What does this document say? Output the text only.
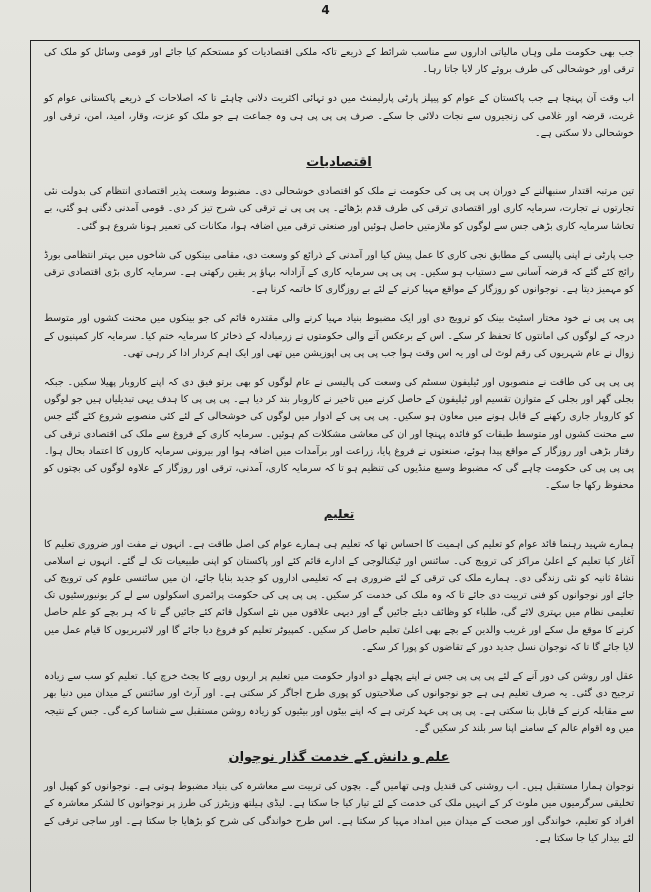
4

جب بھی حکومت ملی وہاں مالیاتی اداروں سے مناسب شرائط کے ذریعے تاکہ ملکی اقتصادیات کو مستحکم کیا جائے اور قومی وسائل کو ملک کی ترقی اور خوشحالی کی طرف بروئے کار لایا جاتا رہا۔

اب وقت آن پہنچا ہے جب پاکستان کے عوام کو پیپلز پارٹی پارلیمنٹ میں دو تہائی اکثریت دلانی چاہئے تا کہ اصلاحات کے ذریعے پاکستانی عوام کو غربت، قرضہ اور غلامی کی زنجیروں سے نجات دلائی جا سکے۔ صرف پی پی پی ہی وہ جماعت ہے جو ملک کو عزت، وقار، امید، امن، ترقی اور خوشحالی دلا سکتی ہے۔

اقتصادیات

تین مرتبہ اقتدار سنبھالنے کے دوران پی پی پی کی حکومت نے ملک کو اقتصادی خوشحالی دی۔ مضبوط وسعت پذیر اقتصادی انتظام کی بدولت نئی تجارتوں نے تجارت، سرمایہ کاری اور اقتصادی ترقی کی طرف قدم بڑھائے۔ پی پی پی نے ترقی کی شرح تیز کر دی۔ قومی آمدنی دگنی ہو گئی، بے تحاشا سرمایہ کاری بڑھی جس سے لوگوں کو ملازمتیں حاصل ہوئیں اور صنعتی ترقی میں اضافہ ہوا، مکانات کی تعمیر ہونا شروع ہو گئی۔

جب پارٹی نے اپنی پالیسی کے مطابق نجی کاری کا عمل پیش کیا اور آمدنی کے ذرائع کو وسعت دی، مقامی بینکوں کی شاخوں میں بہتر انتظامی بورڈ رائج کئے گئے کہ قرضہ آسانی سے دستیاب ہو سکیں۔ پی پی پی سرمایہ کاری کے آزادانہ بہاؤ پر یقین رکھتی ہے۔ سرمایہ کاری بڑی اقتصادی ترقی کو مہمیز دیتا ہے۔ نوجوانوں کو روزگار کے مواقع مہیا کرنے کے لئے بے روزگاری کا خاتمہ کرنا ہے۔

پی پی پی نے خود مختار اسٹیٹ بینک کو ترویج دی اور ایک مضبوط بنیاد مہیا کرنے والی مقتدرہ قائم کی جو بینکوں میں محنت کشوں اور متوسط درجہ کے لوگوں کی امانتوں کا تحفظ کر سکے۔ اس کے برعکس آنے والی حکومتوں نے زرمبادلہ کے ذخائر کا سرمایہ ختم کیا۔ سرمایہ کار کمپنیوں کے زوال نے عام شہریوں کی رقم لوٹ لی اور یہ اس وقت ہوا جب پی پی پی اپوزیشن میں تھی اور ایک اہم کردار ادا کر رہی تھی۔

پی پی پی کی طاقت نے منصوبوں اور ٹیلیفون سسٹم کی وسعت کی پالیسی نے عام لوگوں کو بھی برتو فیق دی کہ اپنے کاروبار پھیلا سکیں۔ جبکہ بجلی گھر اور بجلی کے متوازن تقسیم اور ٹیلیفون کے حاصل کرنے میں تاخیر نے کاروبار بند کر دیا ہے۔ پی پی پی کا ہدف یہی تبدیلیاں ہیں جو لوگوں کو کاروبار جاری رکھنے کے قابل ہونے میں معاون ہو سکیں۔ پی پی پی کے ادوار میں لوگوں کی خوشحالی کے لئے کئی منصوبے شروع کئے گئے جس سے محنت کشوں اور متوسط طبقات کو فائدہ پہنچا اور ان کی معاشی مشکلات کم ہوئیں۔ سرمایہ کاری کے فروغ سے ملک کی اقتصادی ترقی کی رفتار بڑھی اور روزگار کے مواقع پیدا ہوئے، صنعتوں نے فروغ پایا، زراعت اور برآمدات میں اضافہ ہوا اور بیرونی سرمایہ کاروں کا اعتماد بحال ہوا۔ پی پی پی کی حکومت چاہے گی کہ مضبوط وسیع منڈیوں کی تنظیم ہو تا کہ سرمایہ کاری، آمدنی، ترقی اور روزگار کے علاوہ لوگوں کی بچتوں کو محفوظ رکھا جا سکے۔

تعلیم

ہمارے شہید رہنما قائد عوام کو تعلیم کی اہمیت کا احساس تھا کہ تعلیم ہی ہمارے عوام کی اصل طاقت ہے۔ انہوں نے مفت اور ضروری تعلیم کا آغاز کیا تعلیم کے اعلیٰ مراکز کی ترویج کی۔ سائنس اور ٹیکنالوجی کے ادارے قائم کئے اور پاکستان کو اپنی طبیعیات تک لے گئے۔ انہوں نے اسلامی نشاۃ ثانیہ کو نئی زندگی دی۔ ہمارے ملک کی ترقی کے لئے ضروری ہے کہ تعلیمی اداروں کو جدید بنایا جائے، ان میں سائنسی علوم کی ترویج کی جائے اور نوجوانوں کو فنی تربیت دی جائے تا کہ وہ ملک کی خدمت کر سکیں۔ پی پی پی کی حکومت پرائمری اسکولوں سے لے کر یونیورسٹیوں تک تعلیمی نظام میں بہتری لائے گی، طلباء کو وظائف دیئے جائیں گے اور دیہی علاقوں میں نئے اسکول قائم کئے جائیں گے تا کہ ہر بچے کو علم حاصل کرنے کا موقع مل سکے اور غریب والدین کے بچے بھی اعلیٰ تعلیم حاصل کر سکیں۔ کمپیوٹر تعلیم کو فروغ دیا جائے گا اور لائبریریوں کا قیام عمل میں لایا جائے گا تا کہ نوجوان نسل جدید دور کے تقاضوں کو پورا کر سکے۔

عقل اور روشن کی دور آنے کے لئے پی پی پی جس نے اپنے پچھلے دو ادوار حکومت میں تعلیم پر اربوں روپے کا بجٹ خرچ کیا۔ تعلیم کو سب سے زیادہ ترجیح دی گئی۔ یہ صرف تعلیم ہی ہے جو نوجوانوں کی صلاحیتوں کو پوری طرح اجاگر کر سکتی ہے۔ اور آرٹ اور سائنس کے میدان میں دنیا بھر سے مقابلہ کرنے کے قابل بنا سکتی ہے۔ پی پی پی عہد کرتی ہے کہ اپنے بیٹوں اور بیٹیوں کو زیادہ روشن مستقبل سے شناسا کرے گی۔ جس کے نتیجہ میں وہ اقوام عالم کے سامنے اپنا سر بلند کر سکیں گے۔

علم و دانش کے خدمت گذار نوجوان

نوجوان ہمارا مستقبل ہیں۔ اب روشنی کی قندیل وہی تھامیں گے۔ بچوں کی تربیت سے معاشرہ کی بنیاد مضبوط ہوتی ہے۔ نوجوانوں کو کھیل اور تخلیقی سرگرمیوں میں ملوث کر کے انہیں ملک کی خدمت کے لئے تیار کیا جا سکتا ہے۔ لیڈی ہیلتھ وزیٹرز کی طرز پر نوجوانوں کا لشکر معاشرہ کے افراد کو تعلیم، خواندگی اور صحت کے میدان میں امداد مہیا کر سکتا ہے۔ اس طرح خواندگی کی شرح کو بڑھایا جا سکتا ہے۔ اور ساجی ترقی کے لئے بیدار کیا جا سکتا ہے۔
